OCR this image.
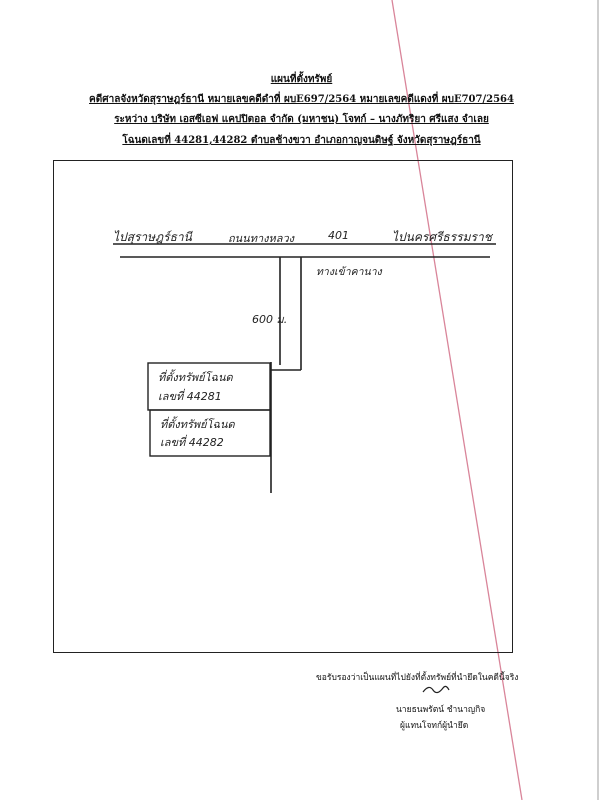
แผนที่ตั้งทรัพย์
คดีศาลจังหวัดสุราษฎร์ธานี หมายเลขคดีดำที่ ผบE697/2564 หมายเลขคดีแดงที่ ผบE707/2564
ระหว่าง บริษัท เอสซีเอฟ แคปปิตอล จำกัด (มหาชน) โจทก์ – นางภัทริยา ศรีแสง จำเลย
โฉนดเลขที่ 44281,44282 ตำบลช้างขวา อำเภอกาญจนดิษฐ์ จังหวัดสุราษฎร์ธานี
ไปสุราษฎร์ธานี	ถนนทางหลวง	401	ไปนครศรีธรรมราช
ทางเข้าคานาง
600 ม.
ที่ตั้งทรัพย์โฉนด
เลขที่ 44281
ที่ตั้งทรัพย์โฉนด
เลขที่ 44282
ขอรับรองว่าเป็นแผนที่ไปยังที่ตั้งทรัพย์ที่นำยึดในคดีนี้จริง
นายธนพรัตน์ ชำนาญกิจ
ผู้แทนโจทก์ผู้นำยึด
